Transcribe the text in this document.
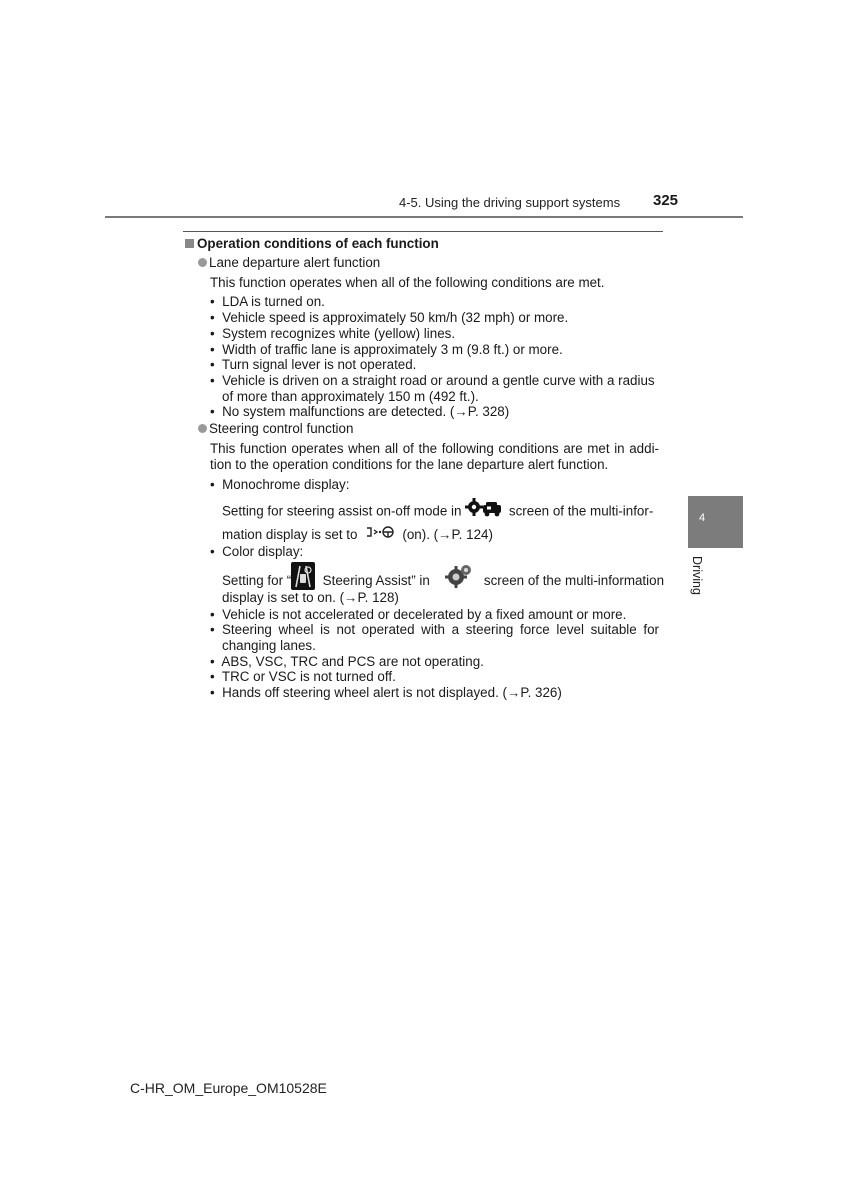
4-5. Using the driving support systems 325
4
Driving
Operation conditions of each function
Lane departure alert function
This function operates when all of the following conditions are met.
•  LDA is turned on.
•  Vehicle speed is approximately 50 km/h (32 mph) or more.
•  System recognizes white (yellow) lines.
•  Width of traffic lane is approximately 3 m (9.8 ft.) or more.
•  Turn signal lever is not operated.
•  Vehicle is driven on a straight road or around a gentle curve with a radius
of more than approximately 150 m (492 ft.).
•  No system malfunctions are detected. (→P. 328)
Steering control function
This function operates when all of the following conditions are met in addi-
tion to the operation conditions for the lane departure alert function.
•  Monochrome display:
Setting for steering assist on-off mode in	screen of the multi-infor-
mation display is set to	(on). (→P. 124)
•  Color display:
Setting for “ Steering Assist” in	screen of the multi-information
display is set to on. (→P. 128)
•  Vehicle is not accelerated or decelerated by a fixed amount or more.
• Steering wheel is not operated with a steering force level suitable for
changing lanes.
•  ABS, VSC, TRC and PCS are not operating.
•  TRC or VSC is not turned off.
•  Hands off steering wheel alert is not displayed. (→P. 326)
C-HR_OM_Europe_OM10528E
